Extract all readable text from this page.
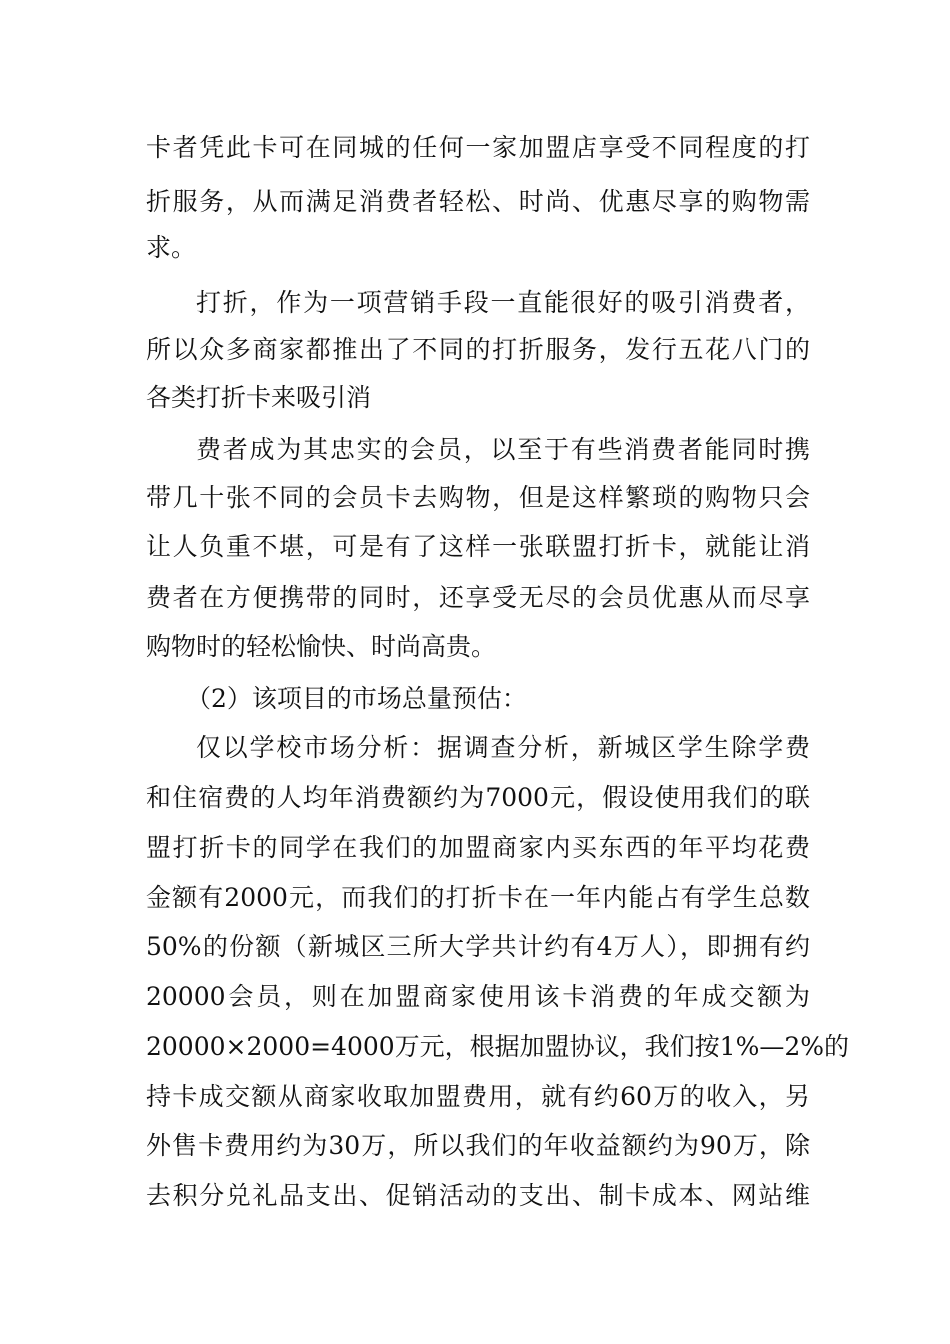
卡者凭此卡可在同城的任何一家加盟店享受不同程度的打
折服务，从而满足消费者轻松、时尚、优惠尽享的购物需
求。
打折，作为一项营销手段一直能很好的吸引消费者，
所以众多商家都推出了不同的打折服务，发行五花八门的
各类打折卡来吸引消
费者成为其忠实的会员，以至于有些消费者能同时携
带几十张不同的会员卡去购物，但是这样繁琐的购物只会
让人负重不堪，可是有了这样一张联盟打折卡，就能让消
费者在方便携带的同时，还享受无尽的会员优惠从而尽享
购物时的轻松愉快、时尚高贵。
（2）该项目的市场总量预估：
仅以学校市场分析：据调查分析，新城区学生除学费
和住宿费的人均年消费额约为7000元，假设使用我们的联
盟打折卡的同学在我们的加盟商家内买东西的年平均花费
金额有2000元，而我们的打折卡在一年内能占有学生总数
50%的份额（新城区三所大学共计约有4万人），即拥有约
20000会员，则在加盟商家使用该卡消费的年成交额为
20000×2000=4000万元，根据加盟协议，我们按1%—2%的
持卡成交额从商家收取加盟费用，就有约60万的收入，另
外售卡费用约为30万，所以我们的年收益额约为90万，除
去积分兑礼品支出、促销活动的支出、制卡成本、网站维
